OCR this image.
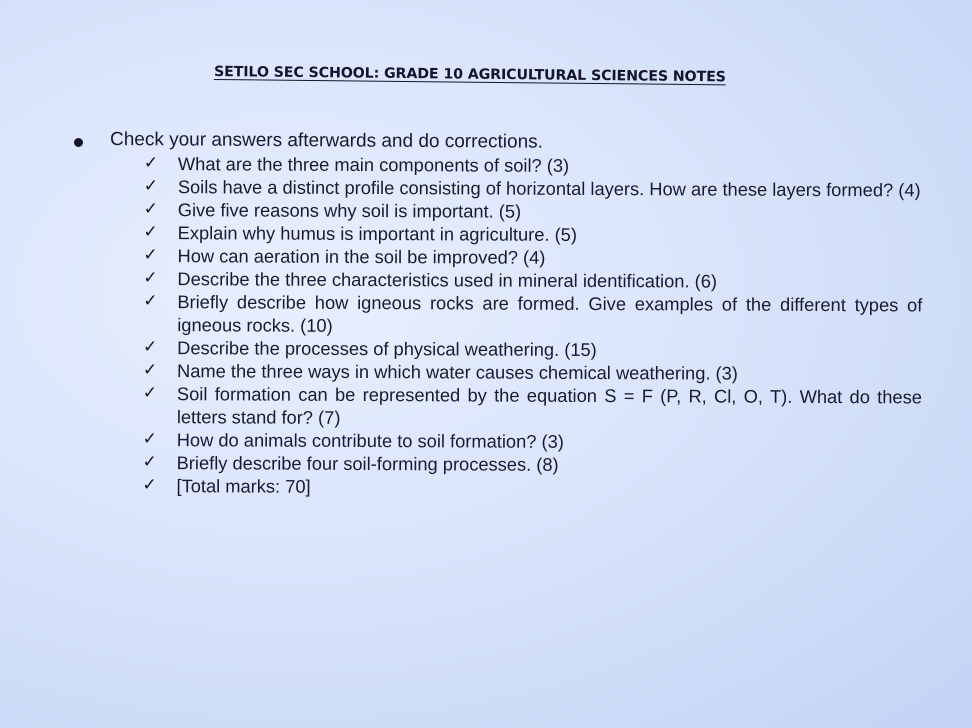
SETILO SEC SCHOOL: GRADE 10 AGRICULTURAL SCIENCES NOTES
Check your answers afterwards and do corrections.
✓	What are the three main components of soil? (3)
✓	Soils have a distinct profile consisting of horizontal layers. How are these layers formed? (4)
✓	Give five reasons why soil is important. (5)
✓	Explain why humus is important in agriculture. (5)
✓	How can aeration in the soil be improved? (4)
✓	Describe the three characteristics used in mineral identification. (6)
✓	Briefly describe how igneous rocks are formed. Give examples of the different types of igneous rocks. (10)
✓	Describe the processes of physical weathering. (15)
✓	Name the three ways in which water causes chemical weathering. (3)
✓	Soil formation can be represented by the equation S = F (P, R, Cl, O, T). What do these letters stand for? (7)
✓	How do animals contribute to soil formation? (3)
✓	Briefly describe four soil-forming processes. (8)
✓	[Total marks: 70]
